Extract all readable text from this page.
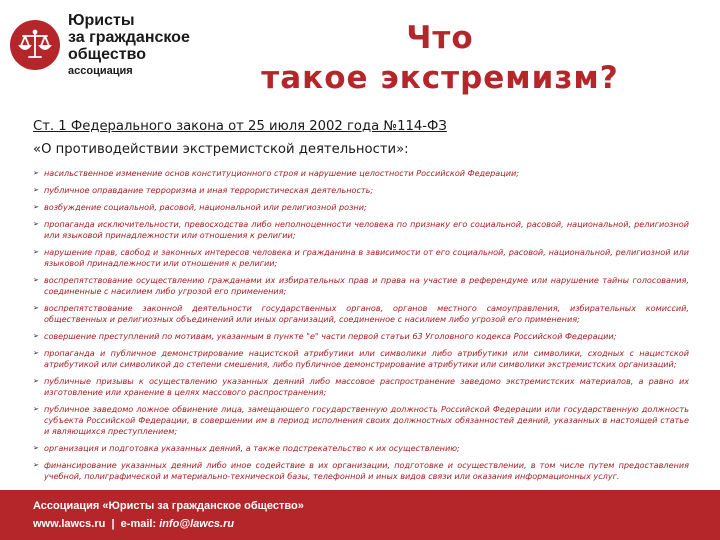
Юристы
за гражданское
общество
ассоциация
Что
такое экстремизм?
Ст. 1 Федерального закона от 25 июля 2002 года №114-ФЗ
«О противодействии экстремистской деятельности»:
➢ насильственное изменение основ конституционного строя и нарушение целостности Российской Федерации;
➢ публичное оправдание терроризма и иная террористическая деятельность;
➢ возбуждение социальной, расовой, национальной или религиозной розни;
➢ пропаганда исключительности, превосходства либо неполноценности человека по признаку его социальной, расовой, национальной, религиозной или языковой принадлежности или отношения к религии;
➢ нарушение прав, свобод и законных интересов человека и гражданина в зависимости от его социальной, расовой, национальной, религиозной или языковой принадлежности или отношения к религии;
➢ воспрепятствование осуществлению гражданами их избирательных прав и права на участие в референдуме или нарушение тайны голосования, соединенные с насилием либо угрозой его применения;
➢ воспрепятствование законной деятельности государственных органов, органов местного самоуправления, избирательных комиссий, общественных и религиозных объединений или иных организаций, соединенное с насилием либо угрозой его применения;
➢ совершение преступлений по мотивам, указанным в пункте "е" части первой статьи 63 Уголовного кодекса Российской Федерации;
➢ пропаганда и публичное демонстрирование нацистской атрибутики или символики либо атрибутики или символики, сходных с нацистской атрибутикой или символикой до степени смешения, либо публичное демонстрирование атрибутики или символики экстремистских организаций;
➢ публичные призывы к осуществлению указанных деяний либо массовое распространение заведомо экстремистских материалов, а равно их изготовление или хранение в целях массового распространения;
➢ публичное заведомо ложное обвинение лица, замещающего государственную должность Российской Федерации или государственную должность субъекта Российской Федерации, в совершении им в период исполнения своих должностных обязанностей деяний, указанных в настоящей статье и являющихся преступлением;
➢ организация и подготовка указанных деяний, а также подстрекательство к их осуществлению;
➢ финансирование указанных деяний либо иное содействие в их организации, подготовке и осуществлении, в том числе путем предоставления учебной, полиграфической и материально-технической базы, телефонной и иных видов связи или оказания информационных услуг.
Ассоциация «Юристы за гражданское общество»
www.lawcs.ru | e-mail: info@lawcs.ru
